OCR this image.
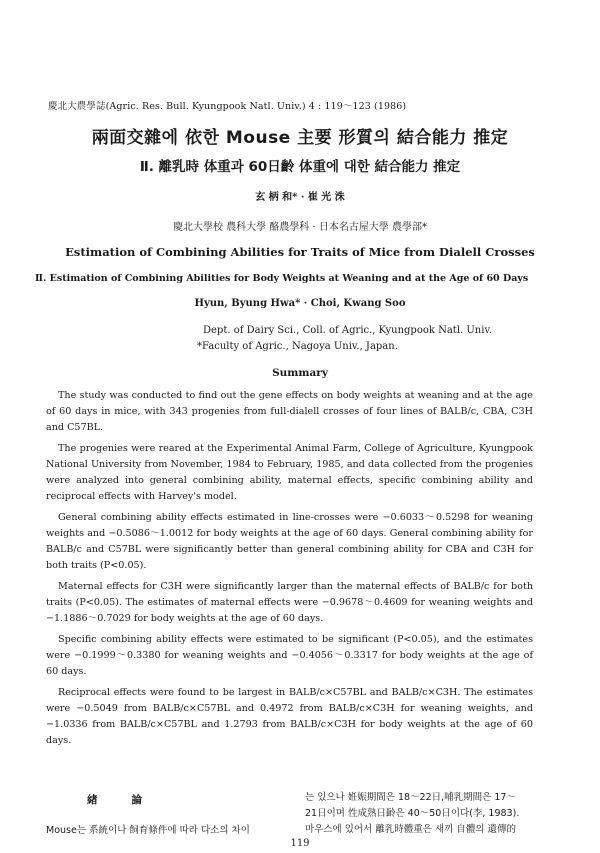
慶北大農學誌(Agric. Res. Bull. Kyungpook Natl. Univ.) 4 : 119～123 (1986)
兩面交雜에 依한 Mouse 主要 形質의 結合能力 推定
Ⅱ. 離乳時 体重과 60日齡 体重에 대한 結合能力 推定
玄 柄 和* · 崔 光 洙
慶北大學校 農科大學 酪農學科 · 日本名古屋大學 農學部*
Estimation of Combining Abilities for Traits of Mice from Dialell Crosses
Ⅱ. Estimation of Combining Abilities for Body Weights at Weaning and at the Age of 60 Days
Hyun, Byung Hwa* · Choi, Kwang Soo
Dept. of Dairy Sci., Coll. of Agric., Kyungpook Natl. Univ.
*Faculty of Agric., Nagoya Univ., Japan.
Summary

The study was conducted to find out the gene effects on body weights at weaning and at the age of 60 days in mice, with 343 progenies from full-dialell crosses of four lines of BALB/c, CBA, C3H and C57BL.

The progenies were reared at the Experimental Animal Farm, College of Agriculture, Kyungpook National University from November, 1984 to February, 1985, and data collected from the progenies were analyzed into general combining ability, maternal effects, specific combining ability and reciprocal effects with Harvey's model.

General combining ability effects estimated in line-crosses were −0.6033～0.5298 for weaning weights and −0.5086～1.0012 for body weights at the age of 60 days. General combining ability for BALB/c and C57BL were significantly better than general combining ability for CBA and C3H for both traits (P<0.05).

Maternal effects for C3H were significantly larger than the maternal effects of BALB/c for both traits (P<0.05). The estimates of maternal effects were −0.9678～0.4609 for weaning weights and −1.1886～0.7029 for body weights at the age of 60 days.

Specific combining ability effects were estimated to be significant (P<0.05), and the estimates were −0.1999～0.3380 for weaning weights and −0.4056～0.3317 for body weights at the age of 60 days.

Reciprocal effects were found to be largest in BALB/c×C57BL and BALB/c×C3H. The estimates were −0.5049 from BALB/c×C57BL and 0.4972 from BALB/c×C3H for weaning weights, and −1.0336 from BALB/c×C57BL and 1.2793 from BALB/c×C3H for body weights at the age of 60 days.

緖	論
Mouse는 系統이나 飼育條件에 따라 다소의 차이
는 있으나 姙娠期間은 18～22日,哺乳期間은 17～
21日이며 性成熟日齡은 40～50日이다(李, 1983).
마우스에 있어서 離乳時體重은 새끼 自體의 遺傳的
119
